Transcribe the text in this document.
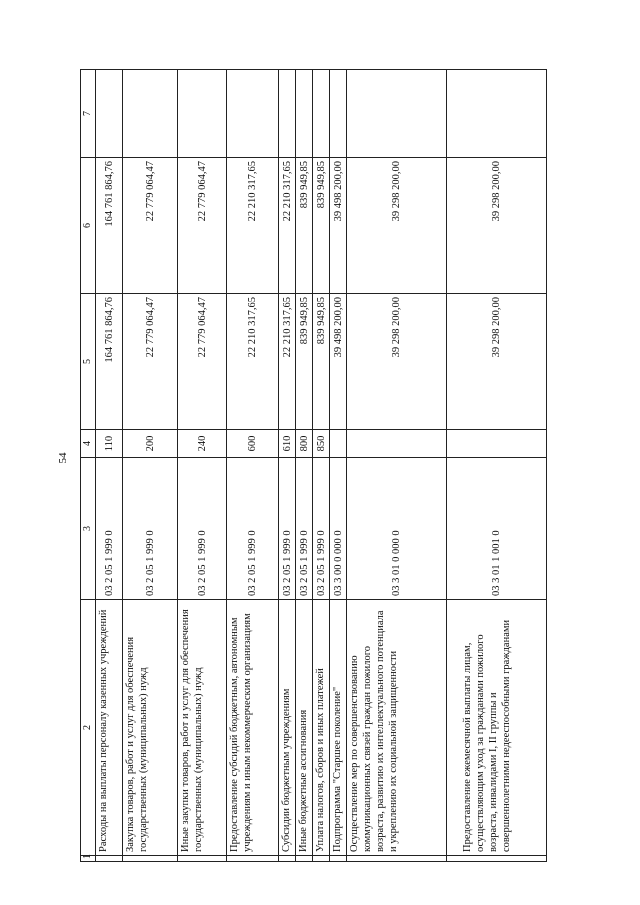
54
1	2	3	4	5	6	7
	Расходы на выплаты персоналу казенных учреждений	03 2 05 1 999 0	110	164 761 864,76	164 761 864,76	
	Закупка товаров, работ и услуг для обеспечения государственных (муниципальных) нужд	03 2 05 1 999 0	200	22 779 064,47	22 779 064,47	
	Иные закупки товаров, работ и услуг для обеспечения государственных (муниципальных) нужд	03 2 05 1 999 0	240	22 779 064,47	22 779 064,47	
	Предоставление субсидий бюджетным, автономным учреждениям и иным некоммерческим организациям	03 2 05 1 999 0	600	22 210 317,65	22 210 317,65	
	Субсидии бюджетным учреждениям	03 2 05 1 999 0	610	22 210 317,65	22 210 317,65	
	Иные бюджетные ассигнования	03 2 05 1 999 0	800	839 949,85	839 949,85	
	Уплата налогов, сборов и иных платежей	03 2 05 1 999 0	850	839 949,85	839 949,85	
	Подпрограмма "Старшее поколение"	03 3 00 0 000 0		39 498 200,00	39 498 200,00	
	Осуществление мер по совершенствованию коммуникационных связей граждан пожилого возраста, развитию их интеллектуального потенциала и укреплению их социальной защищенности	03 3 01 0 000 0		39 298 200,00	39 298 200,00	
	Предоставление ежемесячной выплаты лицам, осуществляющим уход за гражданами пожилого возраста, инвалидами I, II группы и совершеннолетними недееспособными гражданами	03 3 01 1 001 0		39 298 200,00	39 298 200,00	
